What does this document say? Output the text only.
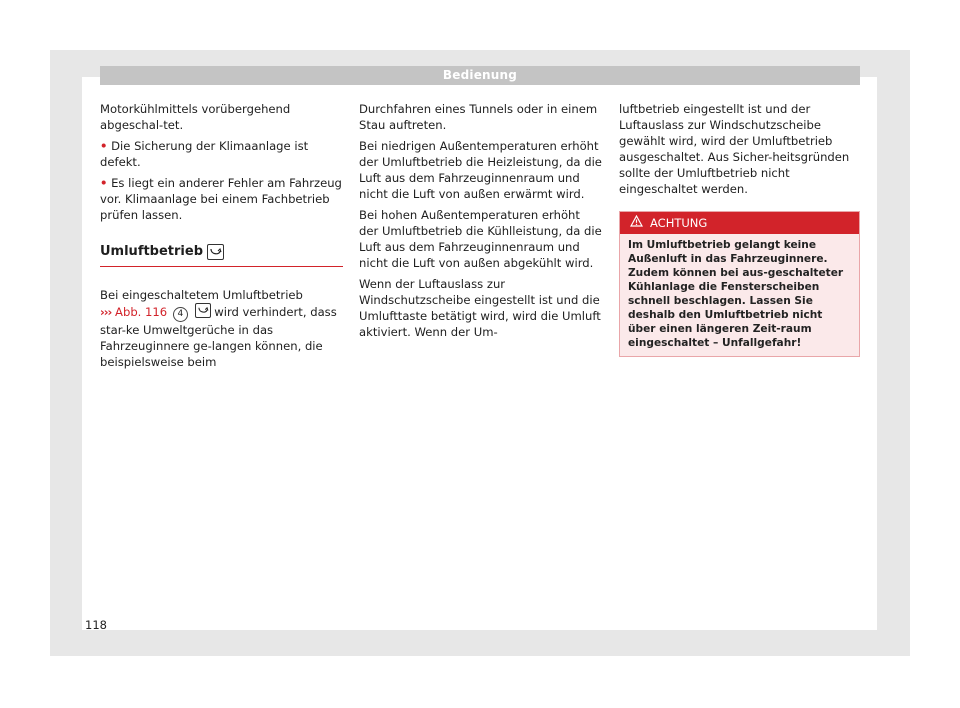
Bedienung

Motorkühlmittels vorübergehend abgeschal-tet.

• Die Sicherung der Klimaanlage ist defekt.

• Es liegt ein anderer Fehler am Fahrzeug vor. Klimaanlage bei einem Fachbetrieb prüfen lassen.

Umluftbetrieb

Bei eingeschaltetem Umluftbetrieb
››› Abb. 116 4	wird verhindert, dass star-ke Umweltgerüche in das Fahrzeuginnere ge-langen können, die beispielsweise beim

Durchfahren eines Tunnels oder in einem Stau auftreten.

Bei niedrigen Außentemperaturen erhöht der Umluftbetrieb die Heizleistung, da die Luft aus dem Fahrzeuginnenraum und nicht die Luft von außen erwärmt wird.

Bei hohen Außentemperaturen erhöht der Umluftbetrieb die Kühlleistung, da die Luft aus dem Fahrzeuginnenraum und nicht die Luft von außen abgekühlt wird.

Wenn der Luftauslass zur Windschutzscheibe eingestellt ist und die Umlufttaste betätigt wird, wird die Umluft aktiviert. Wenn der Um-

luftbetrieb eingestellt ist und der Luftauslass zur Windschutzscheibe gewählt wird, wird der Umluftbetrieb ausgeschaltet. Aus Sicher-heitsgründen sollte der Umluftbetrieb nicht eingeschaltet werden.

ACHTUNG
Im Umluftbetrieb gelangt keine Außenluft in das Fahrzeuginnere. Zudem können bei aus-geschalteter Kühlanlage die Fensterscheiben schnell beschlagen. Lassen Sie deshalb den Umluftbetrieb nicht über einen längeren Zeit-raum eingeschaltet – Unfallgefahr!
118
